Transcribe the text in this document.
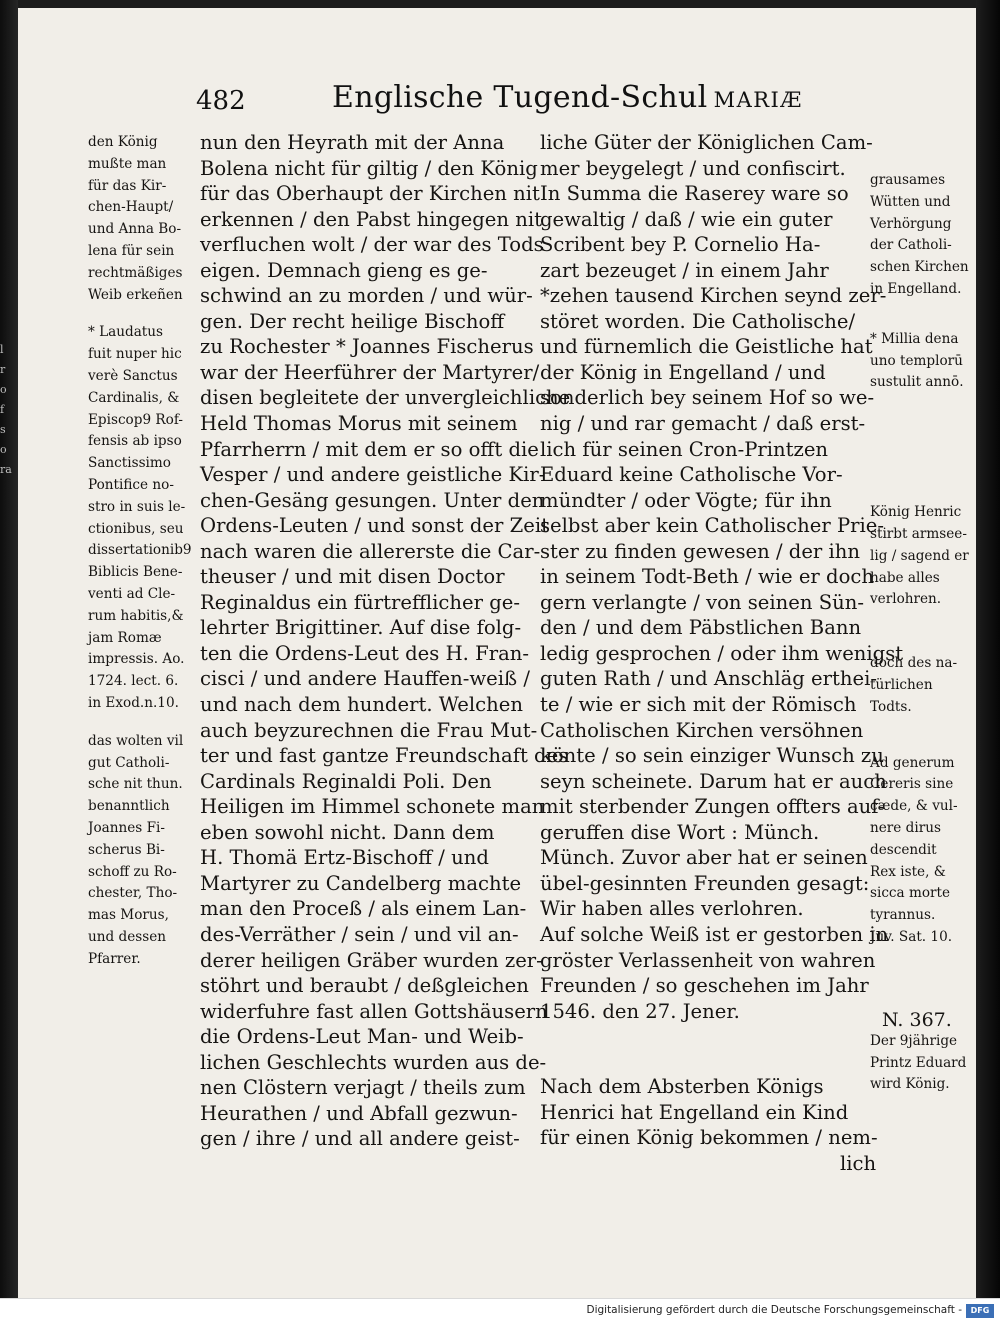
l
r
o
f
s
o
ra
482	Englische Tugend-Schul MARIÆ
den König
mußte man
für das Kir-
chen-Haupt/
und Anna Bo-
lena für sein
rechtmäßiges
Weib erkeñen
* Laudatus
fuit nuper hic
verè Sanctus
Cardinalis, &
Episcop9 Rof-
fensis ab ipso
Sanctissimo
Pontifice no-
stro in suis le-
ctionibus, seu
dissertationib9
Biblicis Bene-
venti ad Cle-
rum habitis,&
jam Romæ
impressis. Ao.
1724. lect. 6.
in Exod.n.10.
das wolten vil
gut Catholi-
sche nit thun.
benanntlich
Joannes Fi-
scherus Bi-
schoff zu Ro-
chester, Tho-
mas Morus,
und dessen
Pfarrer.
nun den Heyrath mit der Anna
Bolena nicht für giltig / den König
für das Oberhaupt der Kirchen nit
erkennen / den Pabst hingegen nit
verfluchen wolt / der war des Tods
eigen. Demnach gieng es ge-
schwind an zu morden / und wür-
gen. Der recht heilige Bischoff
zu Rochester * Joannes Fischerus
war der Heerführer der Martyrer/
disen begleitete der unvergleichliche
Held Thomas Morus mit seinem
Pfarrherrn / mit dem er so offt die
Vesper / und andere geistliche Kir-
chen-Gesäng gesungen. Unter den
Ordens-Leuten / und sonst der Zeit
nach waren die allererste die Car-
theuser / und mit disen Doctor
Reginaldus ein fürtrefflicher ge-
lehrter Brigittiner. Auf dise folg-
ten die Ordens-Leut des H. Fran-
cisci / und andere Hauffen-weiß /
und nach dem hundert. Welchen
auch beyzurechnen die Frau Mut-
ter und fast gantze Freundschaft des
Cardinals Reginaldi Poli. Den
Heiligen im Himmel schonete man
eben sowohl nicht. Dann dem
H. Thomä Ertz-Bischoff / und
Martyrer zu Candelberg machte
man den Proceß / als einem Lan-
des-Verräther / sein / und vil an-
derer heiligen Gräber wurden zer-
stöhrt und beraubt / deßgleichen
widerfuhre fast allen Gottshäusern
die Ordens-Leut Man- und Weib-
lichen Geschlechts wurden aus de-
nen Clöstern verjagt / theils zum
Heurathen / und Abfall gezwun-
gen / ihre / und all andere geist-
liche Güter der Königlichen Cam-
mer beygelegt / und confiscirt.
In Summa die Raserey ware so
gewaltig / daß / wie ein guter
Scribent bey P. Cornelio Ha-
zart bezeuget / in einem Jahr
*zehen tausend Kirchen seynd zer-
störet worden. Die Catholische/
und fürnemlich die Geistliche hat
der König in Engelland / und
sonderlich bey seinem Hof so we-
nig / und rar gemacht / daß erst-
lich für seinen Cron-Printzen
Eduard keine Catholische Vor-
mündter / oder Vögte; für ihn
selbst aber kein Catholischer Prie-
ster zu finden gewesen / der ihn
in seinem Todt-Beth / wie er doch
gern verlangte / von seinen Sün-
den / und dem Päbstlichen Bann
ledig gesprochen / oder ihm wenigst
guten Rath / und Anschläg erthei-
te / wie er sich mit der Römisch
Catholischen Kirchen versöhnen
könte / so sein einziger Wunsch zu
seyn scheinete. Darum hat er auch
mit sterbender Zungen offters auf-
geruffen dise Wort : Münch.
Münch. Zuvor aber hat er seinen
übel-gesinnten Freunden gesagt:
Wir haben alles verlohren.
Auf solche Weiß ist er gestorben in
gröster Verlassenheit von wahren
Freunden / so geschehen im Jahr
1546. den 27. Jener.
Nach dem Absterben Königs
Henrici hat Engelland ein Kind
für einen König bekommen / nem-
lich
grausames
Wütten und
Verhörgung
der Catholi-
schen Kirchen
in Engelland.
* Millia dena
uno templorū
sustulit annō.
König Henric
stirbt armsee-
lig / sagend er
habe alles
verlohren.
doch des na-
türlichen
Todts.
Ad generum
Cereris sine
cæde, & vul-
nere dirus
descendit
Rex iste, &
sicca morte
tyrannus.
Juv. Sat. 10.
N. 367.
Der 9jährige
Printz Eduard
wird König.
Digitalisierung gefördert durch die Deutsche Forschungsgemeinschaft -	DFG
